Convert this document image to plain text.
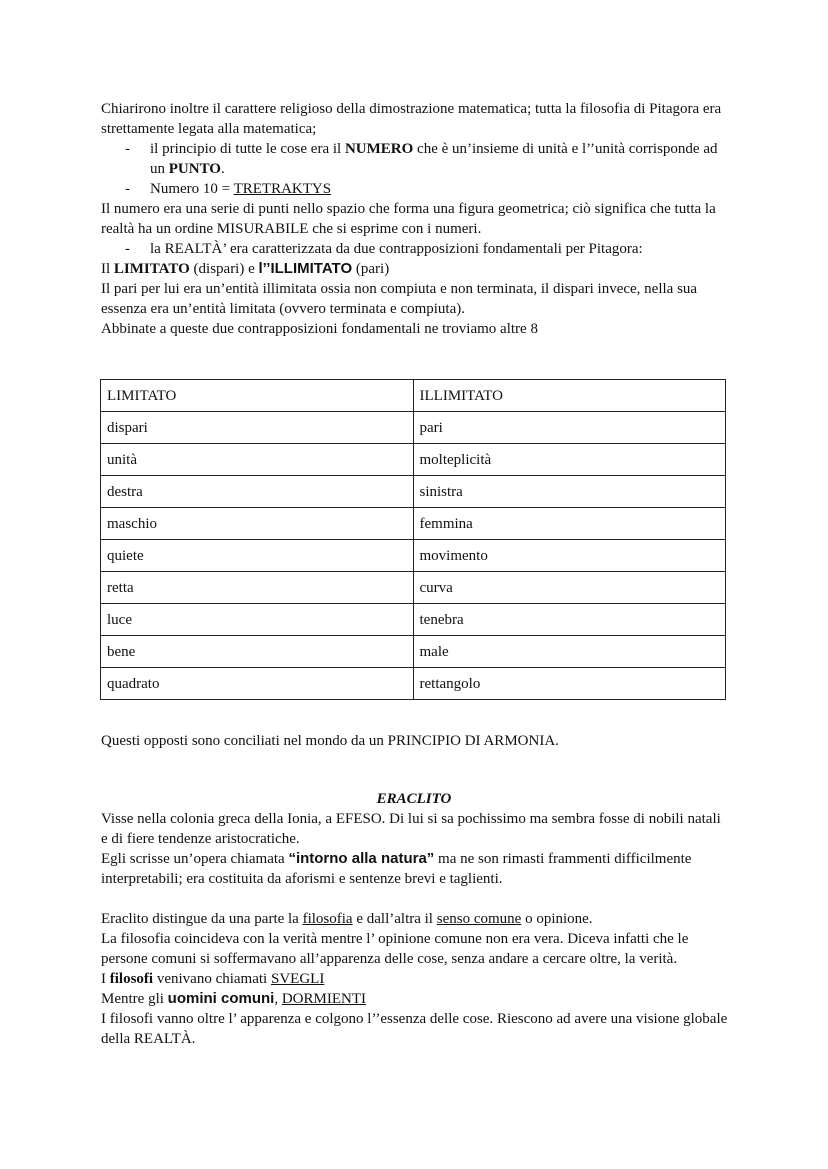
Chiarirono inoltre il carattere religioso della dimostrazione matematica; tutta la filosofia di Pitagora era strettamente legata alla matematica;

- il principio di tutte le cose era il NUMERO che è un’insieme di unità e l’’unità corrisponde ad un PUNTO.
- Numero 10 = TRETRAKTYS

Il numero era una serie di punti nello spazio che forma una figura geometrica; ciò significa che tutta la realtà ha un ordine MISURABILE che si esprime con i numeri.

- la REALTÀ’ era caratterizzata da due contrapposizioni fondamentali per Pitagora:

Il LIMITATO (dispari) e l’’ILLIMITATO (pari)

Il pari per lui era un’entità illimitata ossia non compiuta e non terminata, il dispari invece, nella sua essenza era un’entità limitata (ovvero terminata e compiuta).

Abbinate a queste due contrapposizioni fondamentali ne troviamo altre 8

LIMITATO	ILLIMITATO
dispari	pari
unità	molteplicità
destra	sinistra
maschio	femmina
quiete	movimento
retta	curva
luce	tenebra
bene	male
quadrato	rettangolo

Questi opposti sono conciliati nel mondo da un PRINCIPIO DI ARMONIA.

ERACLITO

Visse nella colonia greca della Ionia, a EFESO. Di lui si sa pochissimo ma sembra fosse di nobili natali e di fiere tendenze aristocratiche.

Egli scrisse un’opera chiamata “intorno alla natura” ma ne son rimasti frammenti difficilmente interpretabili; era costituita da aforismi e sentenze brevi e taglienti.

Eraclito distingue da una parte la filosofia e dall’altra il senso comune o opinione.

La filosofia coincideva con la verità mentre l’ opinione comune non era vera. Diceva infatti che le persone comuni si soffermavano all’apparenza delle cose, senza andare a cercare oltre, la verità.

I filosofi venivano chiamati SVEGLI

Mentre gli uomini comuni, DORMIENTI

I filosofi vanno oltre l’ apparenza e colgono l’’essenza delle cose. Riescono ad avere una visione globale della REALTÀ.
